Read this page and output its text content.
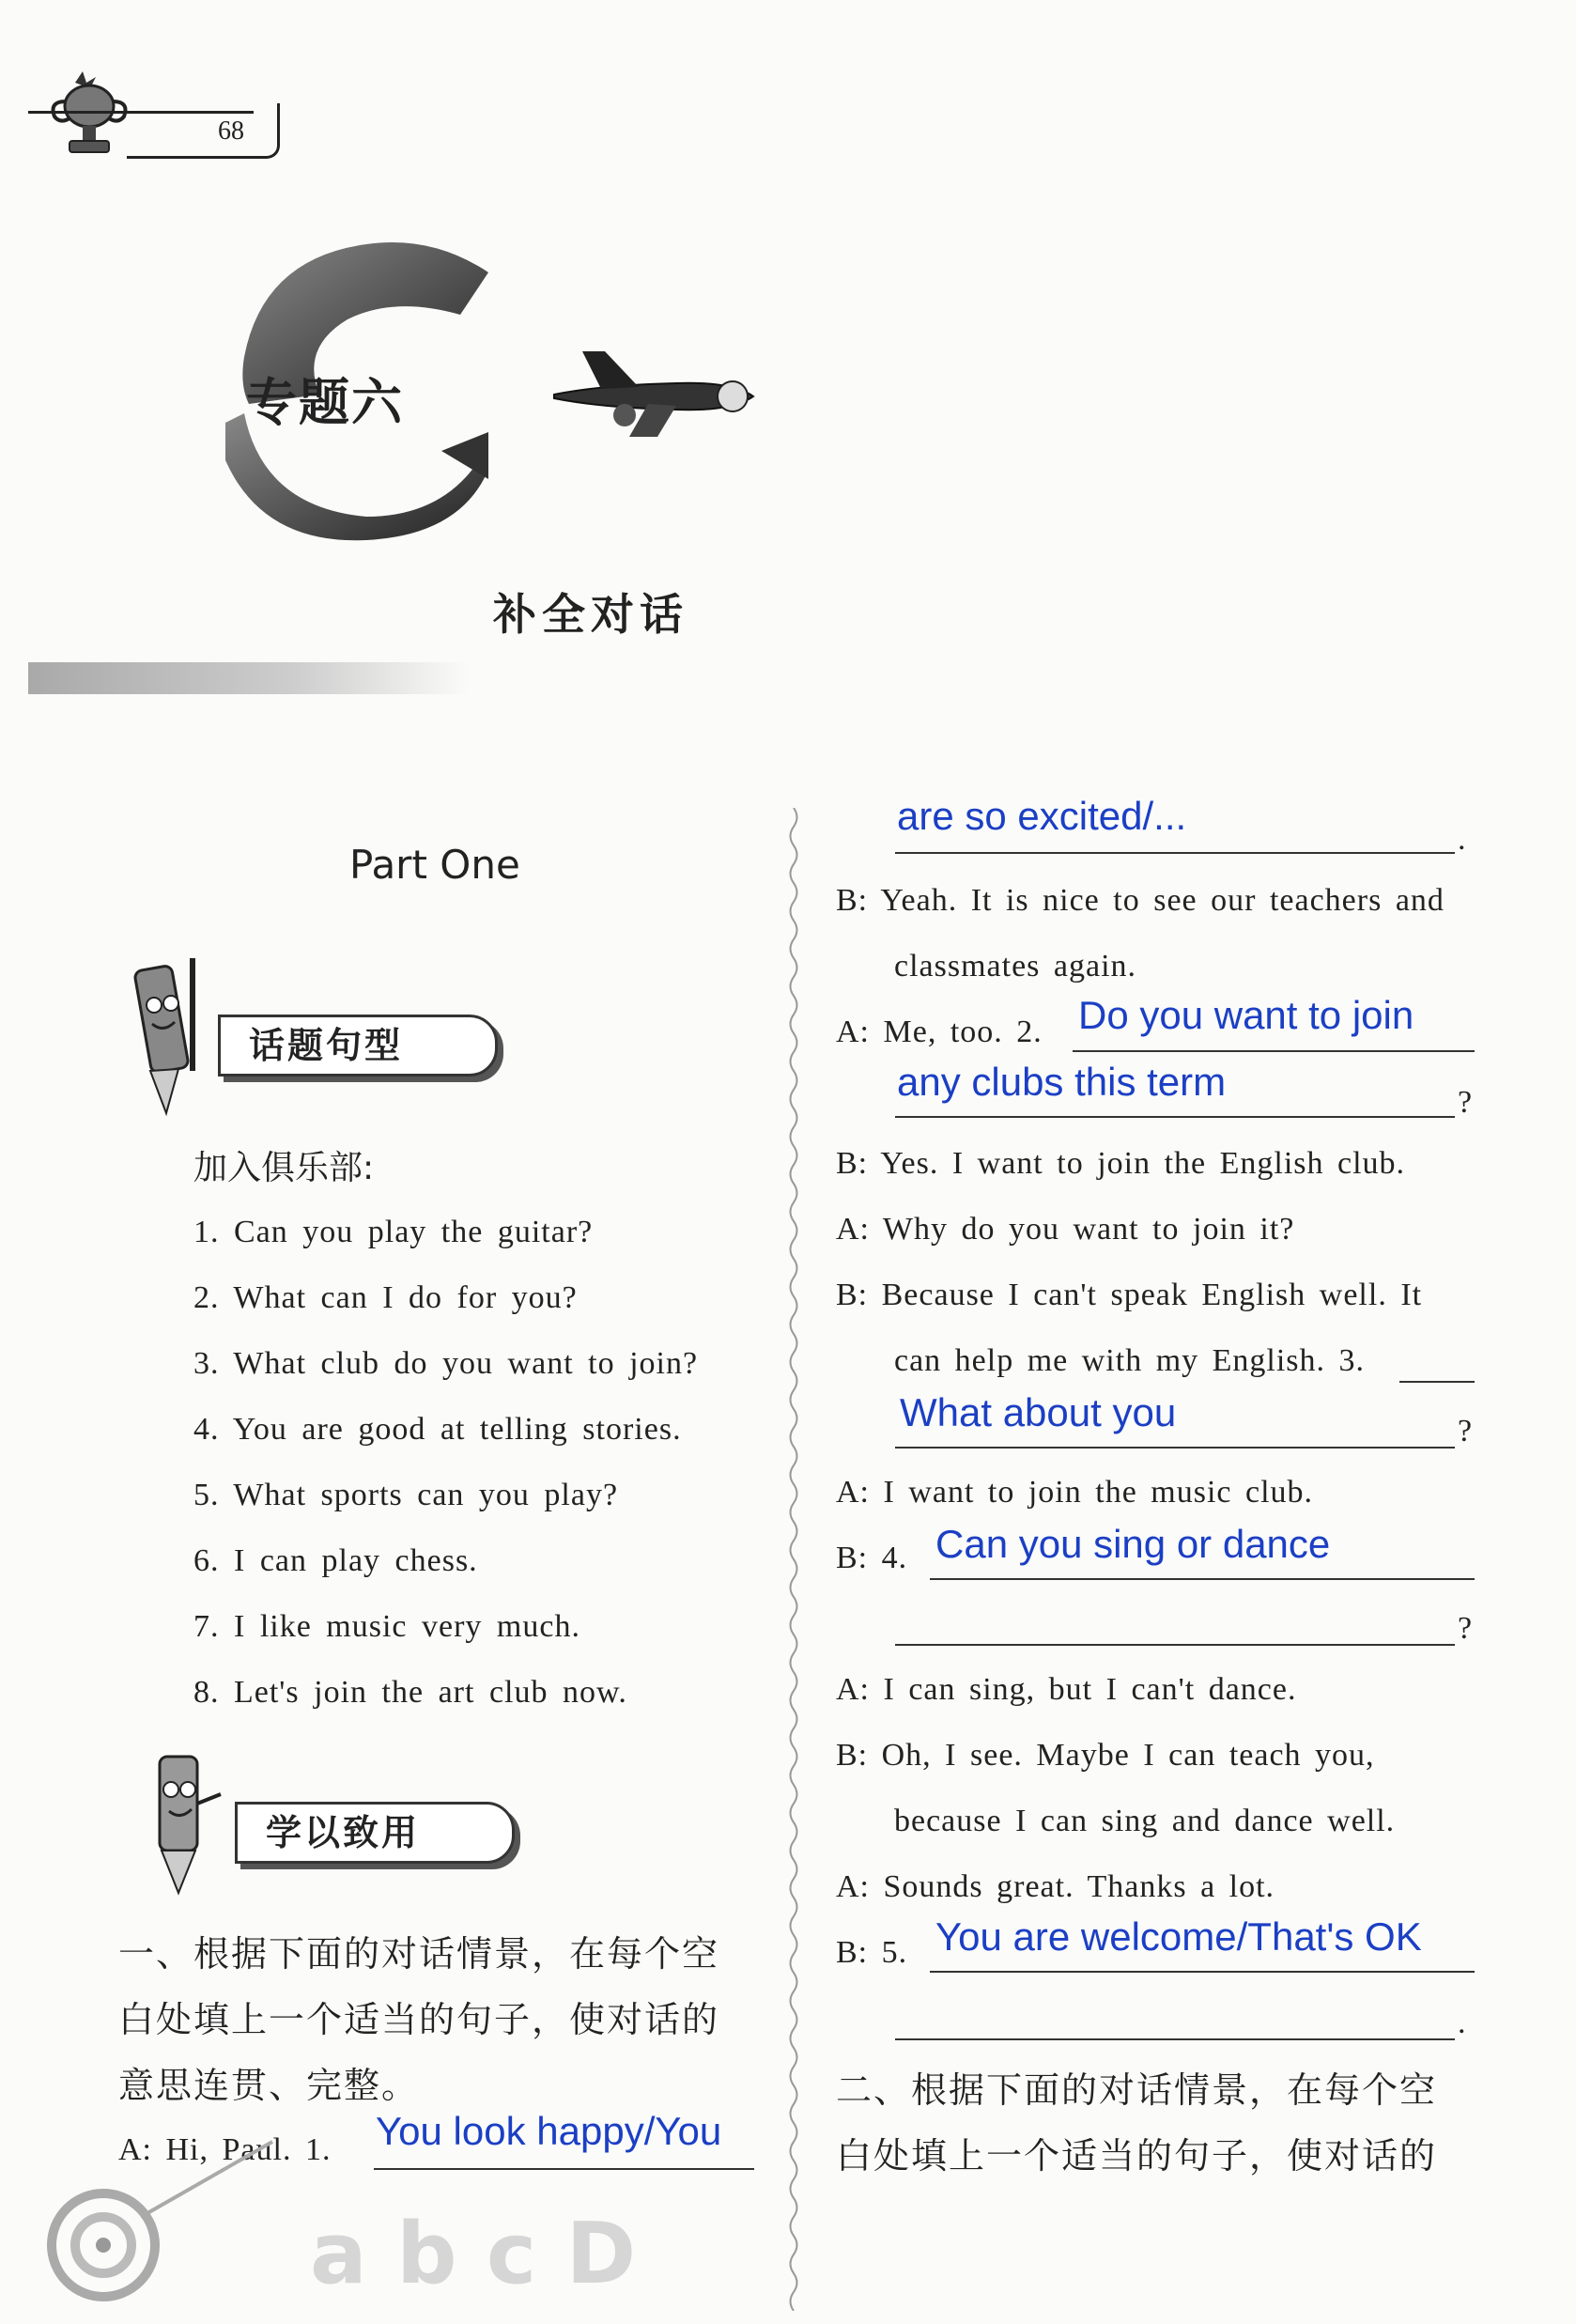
68
专题六
补全对话
Part One
话题句型
加入俱乐部:
1. Can you play the guitar?
2. What can I do for you?
3. What club do you want to join?
4. You are good at telling stories.
5. What sports can you play?
6. I can play chess.
7. I like music very much.
8. Let's join the art club now.
学以致用
一、根据下面的对话情景，在每个空
白处填上一个适当的句子，使对话的
意思连贯、完整。
A: Hi, Paul. 1. You look happy/You
a b c D
are so excited/...
.
B: Yeah. It is nice to see our teachers and
classmates again.
A: Me, too. 2. Do you want to join
any clubs this term	?
B: Yes. I want to join the English club.
A: Why do you want to join it?
B: Because I can't speak English well. It
can help me with my English. 3.
What about you	?
A: I want to join the music club.
B: 4. Can you sing or dance
?
A: I can sing, but I can't dance.
B: Oh, I see. Maybe I can teach you,
because I can sing and dance well.
A: Sounds great. Thanks a lot.
B: 5. You are welcome/That's OK
.
二、根据下面的对话情景，在每个空
白处填上一个适当的句子，使对话的
